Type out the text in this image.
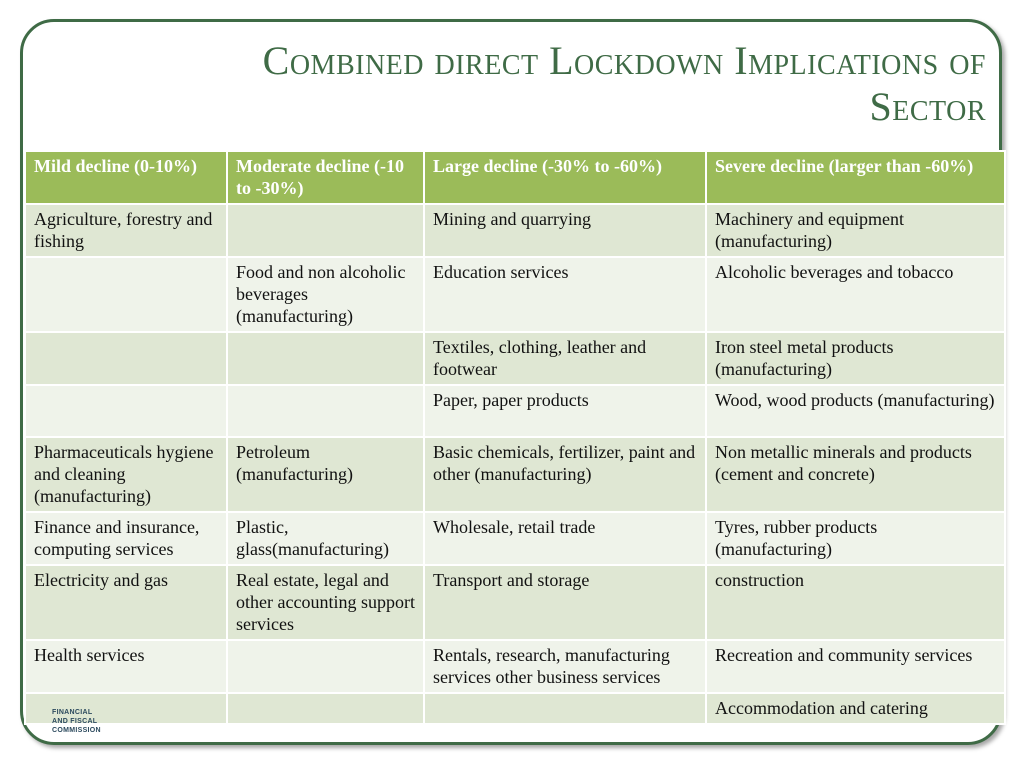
Combined direct Lockdown Implications of
Sector
Mild decline (0-10%)	Moderate decline (-10 to -30%)	Large decline (-30% to -60%)	Severe decline (larger than -60%)
Agriculture, forestry and fishing		Mining and quarrying	Machinery and equipment (manufacturing)
	Food and non alcoholic beverages (manufacturing)	Education services	Alcoholic beverages and tobacco
		Textiles, clothing, leather and footwear	Iron steel metal products (manufacturing)
		Paper, paper products	Wood, wood products (manufacturing)
Pharmaceuticals hygiene and cleaning (manufacturing)	Petroleum (manufacturing)	Basic chemicals, fertilizer, paint and other (manufacturing)	Non metallic minerals and products (cement and concrete)
Finance and insurance, computing services	Plastic, glass(manufacturing)	Wholesale, retail trade	Tyres, rubber products (manufacturing)
Electricity and gas	Real estate, legal and other accounting support services	Transport and storage	construction
Health services		Rentals, research, manufacturing services other business services	Recreation and community services
			Accommodation and catering
FINANCIAL
AND FISCAL
COMMISSION
